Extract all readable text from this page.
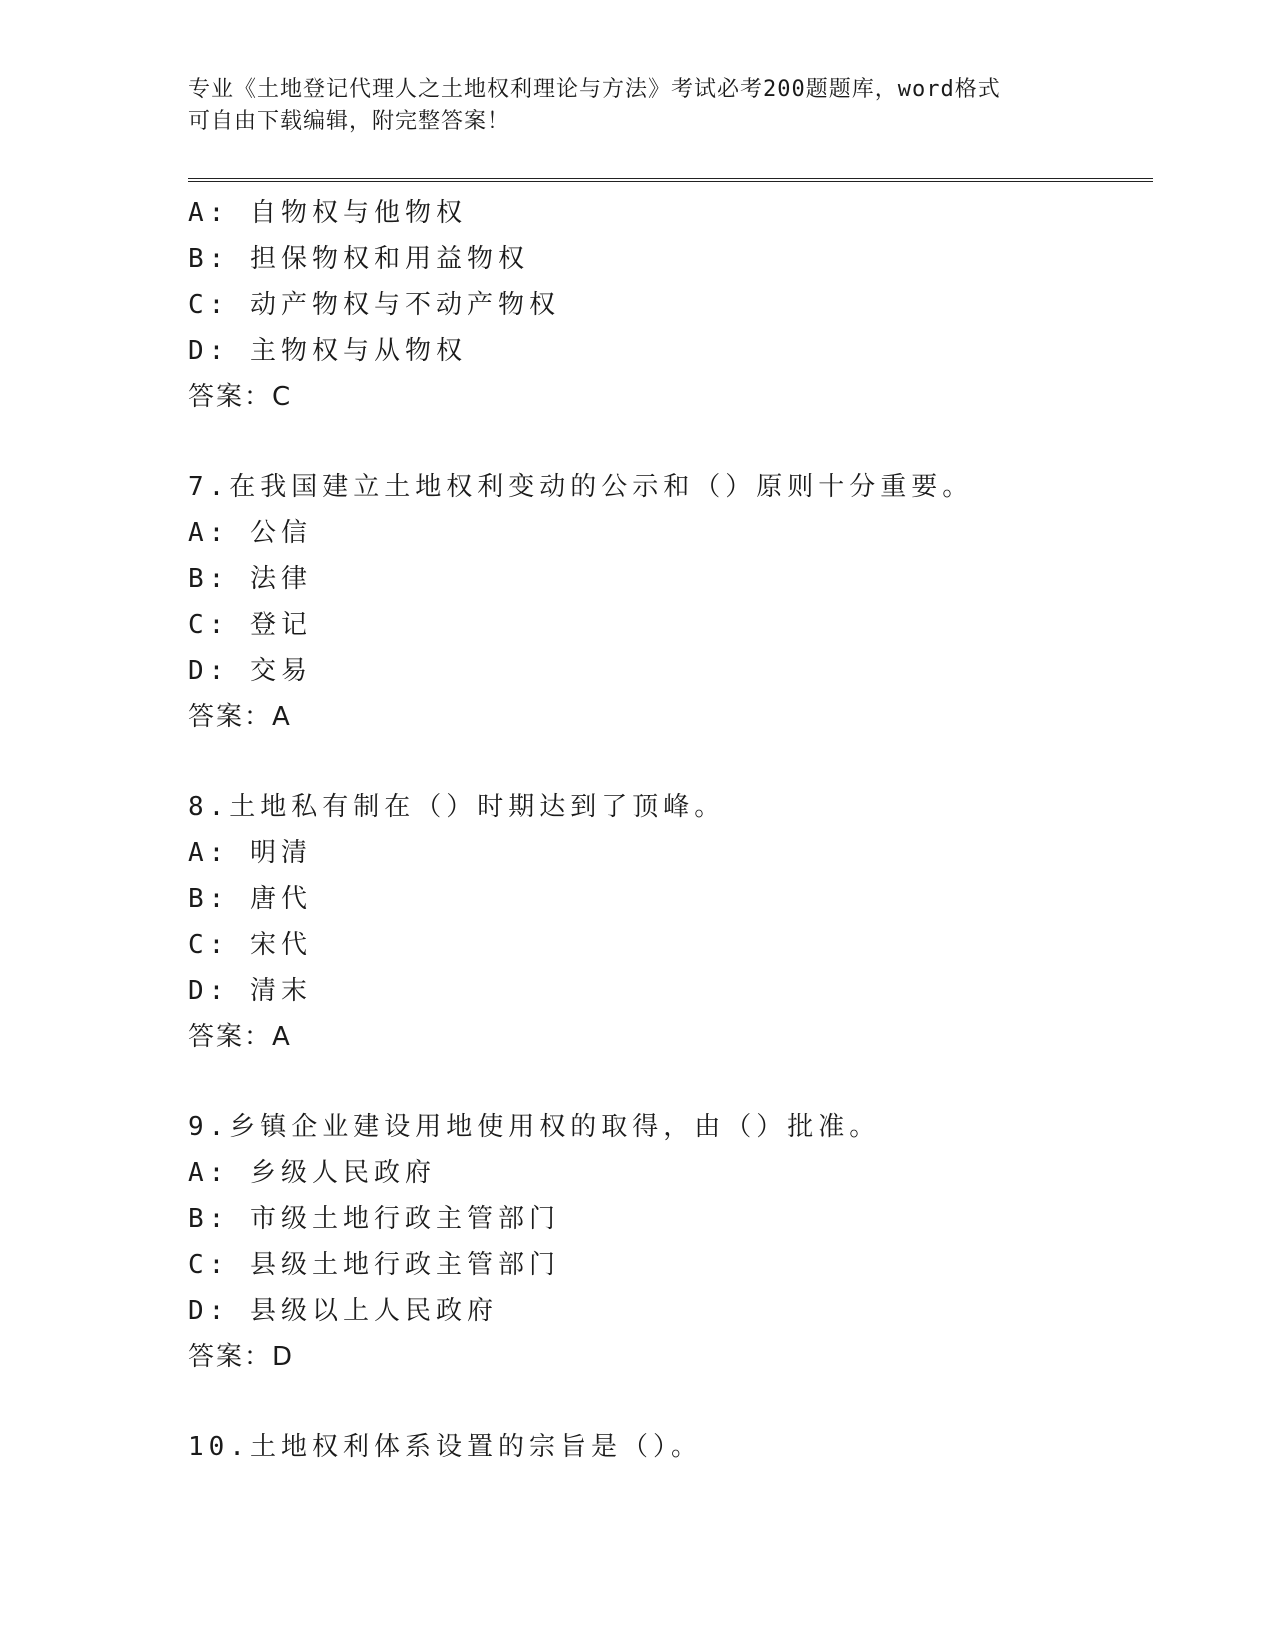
专业《土地登记代理人之土地权利理论与方法》考试必考200题题库，word格式
可自由下载编辑，附完整答案！
A: 自物权与他物权
B: 担保物权和用益物权
C: 动产物权与不动产物权
D: 主物权与从物权
答案：C
7.在我国建立土地权利变动的公示和（）原则十分重要。
A: 公信
B: 法律
C: 登记
D: 交易
答案：A
8.土地私有制在（）时期达到了顶峰。
A: 明清
B: 唐代
C: 宋代
D: 清末
答案：A
9.乡镇企业建设用地使用权的取得，由（）批准。
A: 乡级人民政府
B: 市级土地行政主管部门
C: 县级土地行政主管部门
D: 县级以上人民政府
答案：D
10.土地权利体系设置的宗旨是（）。
